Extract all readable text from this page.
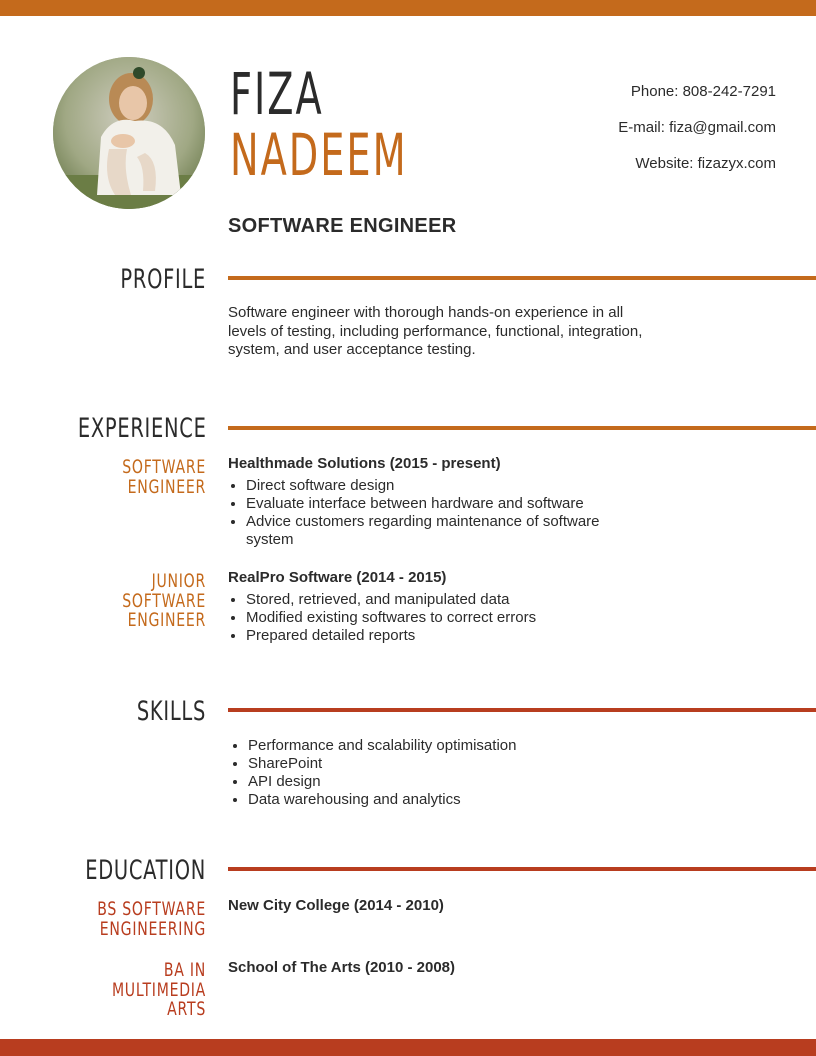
FIZA
NADEEM
Phone: 808-242-7291
E-mail: fiza@gmail.com
Website: fizazyx.com
SOFTWARE ENGINEER
PROFILE
Software engineer with thorough hands-on experience in all levels of testing, including performance, functional, integration, system, and user acceptance testing.
EXPERIENCE
SOFTWARE ENGINEER
Healthmade Solutions (2015 - present)
• Direct software design
• Evaluate interface between hardware and software
• Advice customers regarding maintenance of software system
JUNIOR SOFTWARE ENGINEER
RealPro Software (2014 - 2015)
• Stored, retrieved, and manipulated data
• Modified existing softwares to correct errors
• Prepared detailed reports
SKILLS
• Performance and scalability optimisation
• SharePoint
• API design
• Data warehousing and analytics
EDUCATION
BS SOFTWARE ENGINEERING
New City College (2014 - 2010)
BA IN MULTIMEDIA ARTS
School of The Arts (2010 - 2008)
